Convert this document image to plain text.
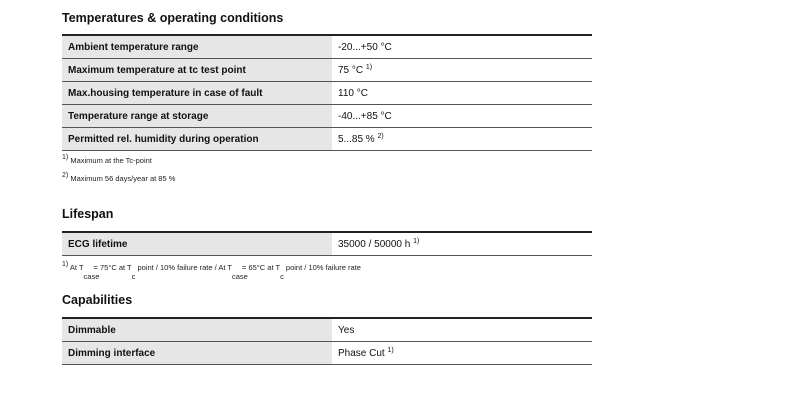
Temperatures & operating conditions
Ambient temperature range	-20...+50 °C
Maximum temperature at tc test point	75 °C $^{1)}$
Max.housing temperature in case of fault	110 °C
Temperature range at storage	-40...+85 °C
Permitted rel. humidity during operation	5...85 % $^{2)}$
$^{1)}$ Maximum at the Tc-point
$^{2)}$ Maximum 56 days/year at 85 %
Lifespan
ECG lifetime	35000 / 50000 h $^{1)}$
$^{1)}$ At T
case
= 75°C at T
c
point / 10% failure rate / At T
case
= 65°C at T
c
point / 10% failure rate
Capabilities
Dimmable	Yes
Dimming interface	Phase Cut $^{1)}$
